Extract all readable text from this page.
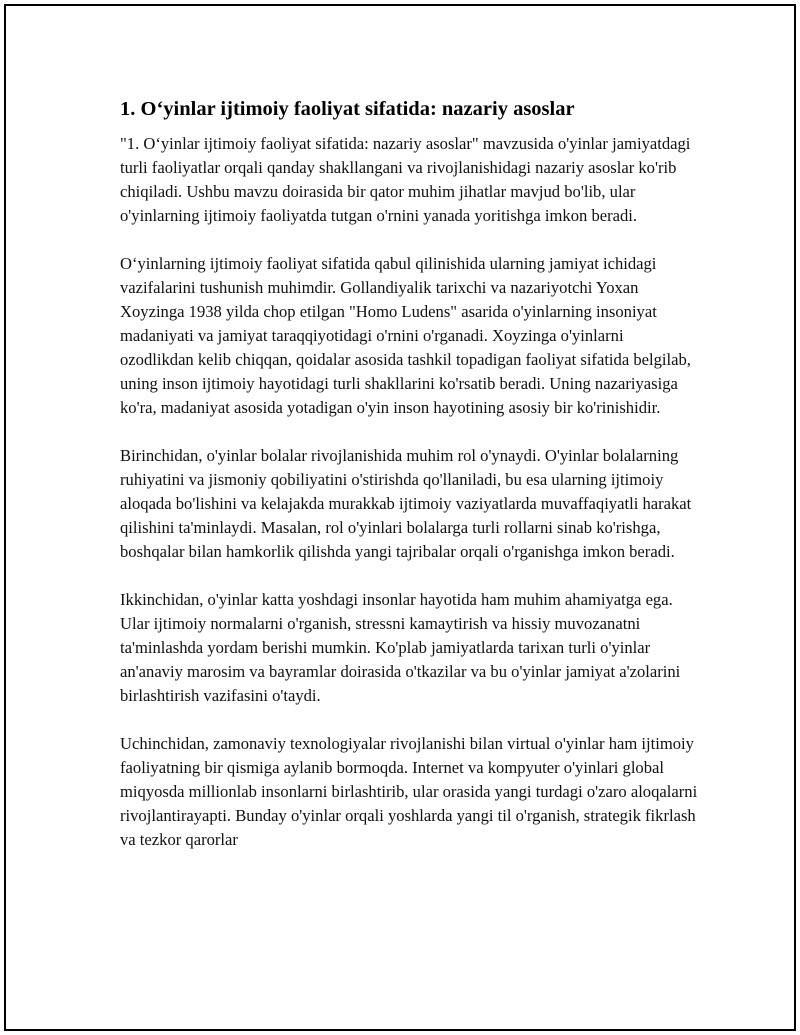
1. O‘yinlar ijtimoiy faoliyat sifatida: nazariy asoslar

"1. O‘yinlar ijtimoiy faoliyat sifatida: nazariy asoslar" mavzusida o'yinlar jamiyatdagi turli faoliyatlar orqali qanday shakllangani va rivojlanishidagi nazariy asoslar ko'rib chiqiladi. Ushbu mavzu doirasida bir qator muhim jihatlar mavjud bo'lib, ular o'yinlarning ijtimoiy faoliyatda tutgan o'rnini yanada yoritishga imkon beradi.

O‘yinlarning ijtimoiy faoliyat sifatida qabul qilinishida ularning jamiyat ichidagi vazifalarini tushunish muhimdir. Gollandiyalik tarixchi va nazariyotchi Yoxan Xoyzinga 1938 yilda chop etilgan "Homo Ludens" asarida o'yinlarning insoniyat madaniyati va jamiyat taraqqiyotidagi o'rnini o'rganadi. Xoyzinga o'yinlarni ozodlikdan kelib chiqqan, qoidalar asosida tashkil topadigan faoliyat sifatida belgilab, uning inson ijtimoiy hayotidagi turli shakllarini ko'rsatib beradi. Uning nazariyasiga ko'ra, madaniyat asosida yotadigan o'yin inson hayotining asosiy bir ko'rinishidir.

Birinchidan, o'yinlar bolalar rivojlanishida muhim rol o'ynaydi. O'yinlar bolalarning ruhiyatini va jismoniy qobiliyatini o'stirishda qo'llaniladi, bu esa ularning ijtimoiy aloqada bo'lishini va kelajakda murakkab ijtimoiy vaziyatlarda muvaffaqiyatli harakat qilishini ta'minlaydi. Masalan, rol o'yinlari bolalarga turli rollarni sinab ko'rishga, boshqalar bilan hamkorlik qilishda yangi tajribalar orqali o'rganishga imkon beradi.

Ikkinchidan, o'yinlar katta yoshdagi insonlar hayotida ham muhim ahamiyatga ega. Ular ijtimoiy normalarni o'rganish, stressni kamaytirish va hissiy muvozanatni ta'minlashda yordam berishi mumkin. Ko'plab jamiyatlarda tarixan turli o'yinlar an'anaviy marosim va bayramlar doirasida o'tkazilar va bu o'yinlar jamiyat a'zolarini birlashtirish vazifasini o'taydi.

Uchinchidan, zamonaviy texnologiyalar rivojlanishi bilan virtual o'yinlar ham ijtimoiy faoliyatning bir qismiga aylanib bormoqda. Internet va kompyuter o'yinlari global miqyosda millionlab insonlarni birlashtirib, ular orasida yangi turdagi o'zaro aloqalarni rivojlantirayapti. Bunday o'yinlar orqali yoshlarda yangi til o'rganish, strategik fikrlash va tezkor qarorlar
